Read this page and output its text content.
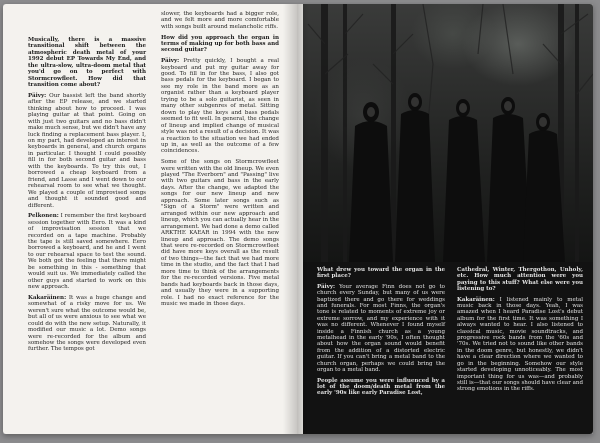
Musically, there is a massive transitional shift between the atmospheric death metal of your 1992 debut EP Towards My End, and the ultra-slow, ultra-doom metal that you'd go on to perfect with Stormcrowfleet. How did that transition come about?

Päivy: Our bassist left the band shortly after the EP release, and we started thinking about how to proceed. I was playing guitar at that point. Going on with just two guitars and no bass didn't make much sense, but we didn't have any luck finding a replacement bass player. I, on my part, had developed an interest in keyboards in general, and church organs in particular. I thought I could possibly fill in for both second guitar and bass with the keyboards. To try this out, I borrowed a cheap keyboard from a friend, and Lasse and I went down to our rehearsal room to see what we thought. We played a couple of improvised songs and thought it sounded good and different.

Pelkonen: I remember the first keyboard session together with Eero. It was a kind of improvisation session that we recorded on a tape machine. Probably the tape is still saved somewhere. Eero borrowed a keyboard, and he and I went to our rehearsal space to test the sound. We both got the feeling that there might be something in this - something that would suit us. We immediately called the other guys and started to work on this new approach.

Kakaräinen: It was a huge change and somewhat of a risky move for us. We weren't sure what the outcome would be, but all of us were anxious to see what we could do with the new setup. Naturally, it modified our music a lot. Demo songs were re-recorded for the album and somehow the songs were developed even further. The tempos got

slower, the keyboards had a bigger role, and we felt more and more comfortable with songs built around melancholic riffs.

How did you approach the organ in terms of making up for both bass and second guitar?

Päivy: Pretty quickly, I bought a real keyboard and put my guitar away for good. To fill in for the bass, I also got bass pedals for the keyboard. I began to see my role in the band more as an organist rather than a keyboard player trying to be a solo guitarist, as seen in many other subgenres of metal. Sitting down to play the keys and bass pedals seemed to fit well. In general, the change of lineup and implied change of musical style was not a result of a decision. It was a reaction to the situation we had ended up in, as well as the outcome of a few coincidences.

Some of the songs on Stormcrowfleet were written with the old lineup. We even played "The Everborn" and "Passing" live with two guitars and bass in the early days. After the change, we adapted the songs for our new lineup and new approach. Some later songs such as "Sign of a Storm" were written and arranged within our new approach and lineup, which you can actually hear in the arrangement. We had done a demo called ARKTHE KAEAR in 1994 with the new lineup and approach. The demo songs that were re-recorded on Stormcrowfleet did have more keys overall as the result of two things—the fact that we had more time in the studio, and the fact that I had more time to think of the arrangements for the re-recorded versions. Five metal bands had keyboards back in those days, and usually they were in a supporting role. I had no exact reference for the music we made in those days.

What drew you toward the organ in the first place?

Päivy: Your average Finn does not go to church every Sunday, but many of us were baptized there and go there for weddings and funerals. For most Finns, the organ's tone is related to moments of extreme joy or extreme sorrow, and my experience with it was no different. Whenever I found myself inside a Finnish church as a young metalhead in the early '90s, I often thought about how the organ sound would benefit from the addition of a distorted electric guitar. If you can't bring a metal band to the church organ, perhaps we could bring the organ to a metal band.

People assume you were influenced by a lot of the doom/death metal from the early '90s like early Paradise Lost,

Cathedral, Winter, Thergothon, Unholy, etc. How much attention were you paying to this stuff? What else were you listening to?

Kakaräinen: I listened mainly to metal music back in those days. Yeah, I was amazed when I heard Paradise Lost's debut album for the first time. It was something I always wanted to hear. I also listened to classical music, movie soundtracks, and progressive rock bands from the '60s and '70s. We tried not to sound like other bands in the doom genre, but honestly, we didn't have a clear direction where we wanted to go in the beginning. Somehow our style started developing unnoticeably. The most important thing for us was—and probably still is—that our songs should have clear and strong emotions in the riffs.
